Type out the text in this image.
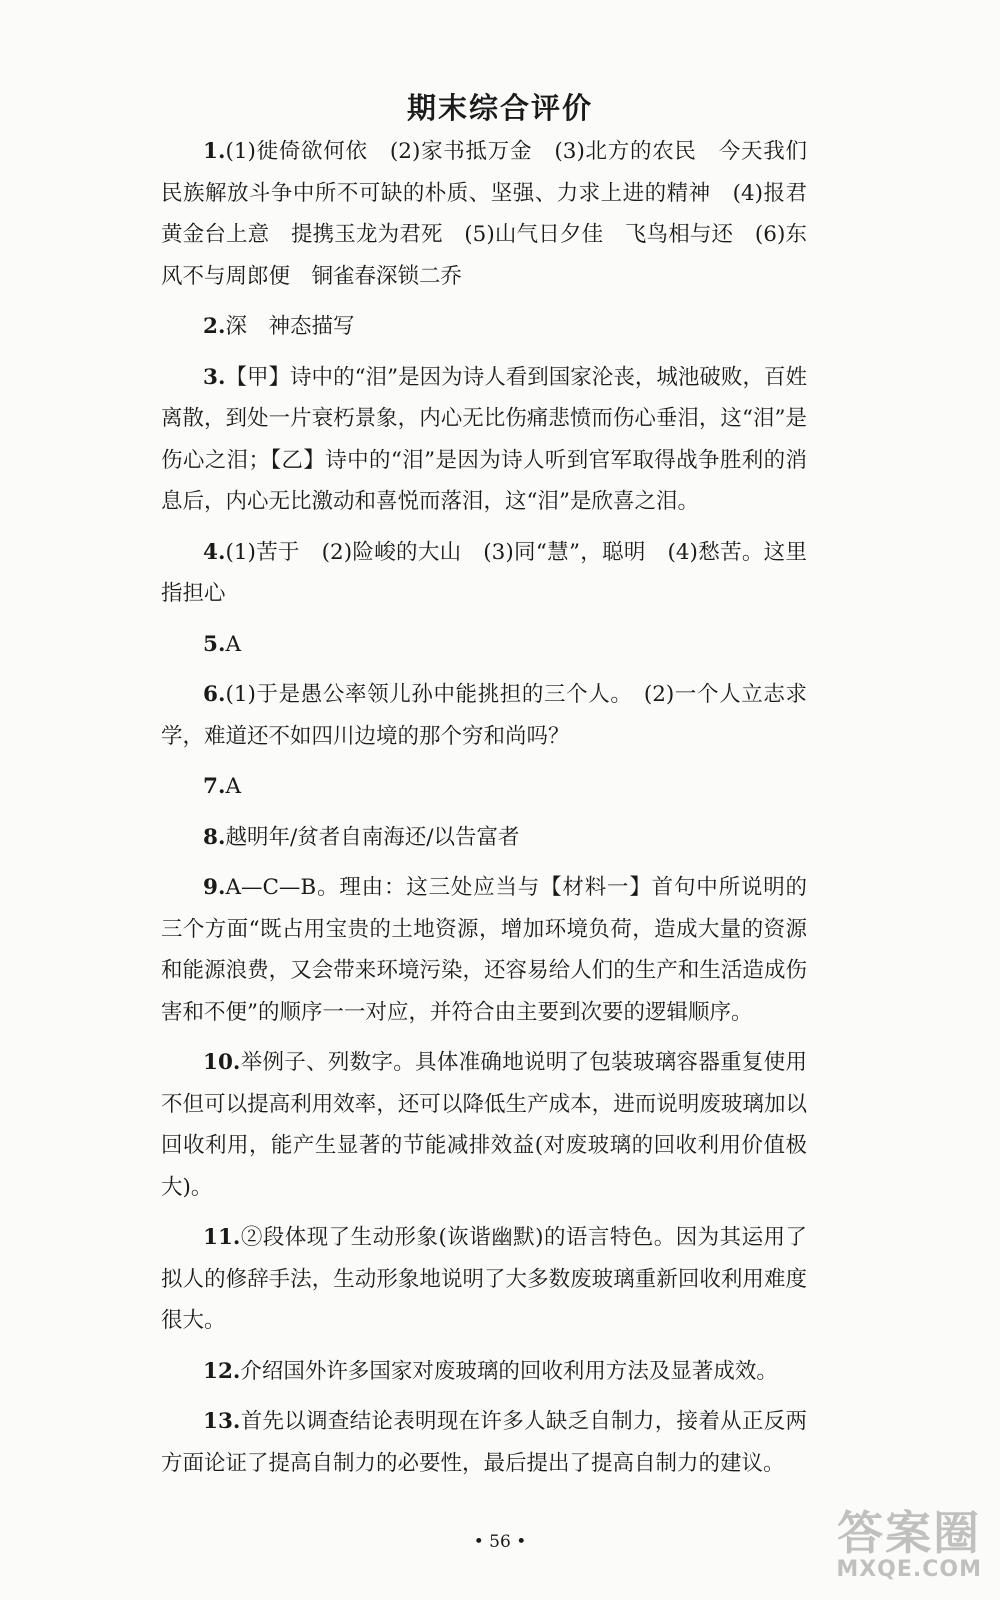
期末综合评价

1.(1)徙倚欲何依　(2)家书抵万金　(3)北方的农民　今天我们民族解放斗争中所不可缺的朴质、坚强、力求上进的精神　(4)报君黄金台上意　提携玉龙为君死　(5)山气日夕佳　飞鸟相与还　(6)东风不与周郎便　铜雀春深锁二乔

2.深　神态描写

3.【甲】诗中的“泪”是因为诗人看到国家沦丧，城池破败，百姓离散，到处一片衰朽景象，内心无比伤痛悲愤而伤心垂泪，这“泪”是伤心之泪；【乙】诗中的“泪”是因为诗人听到官军取得战争胜利的消息后，内心无比激动和喜悦而落泪，这“泪”是欣喜之泪。

4.(1)苦于　(2)险峻的大山　(3)同“慧”，聪明　(4)愁苦。这里指担心

5.A

6.(1)于是愚公率领儿孙中能挑担的三个人。　(2)一个人立志求学，难道还不如四川边境的那个穷和尚吗？

7.A

8.越明年/贫者自南海还/以告富者

9.A—C—B。理由：这三处应当与【材料一】首句中所说明的三个方面“既占用宝贵的土地资源，增加环境负荷，造成大量的资源和能源浪费，又会带来环境污染，还容易给人们的生产和生活造成伤害和不便”的顺序一一对应，并符合由主要到次要的逻辑顺序。

10.举例子、列数字。具体准确地说明了包装玻璃容器重复使用不但可以提高利用效率，还可以降低生产成本，进而说明废玻璃加以回收利用，能产生显著的节能减排效益(对废玻璃的回收利用价值极大)。

11.②段体现了生动形象(诙谐幽默)的语言特色。因为其运用了拟人的修辞手法，生动形象地说明了大多数废玻璃重新回收利用难度很大。

12.介绍国外许多国家对废玻璃的回收利用方法及显著成效。

13.首先以调查结论表明现在许多人缺乏自制力，接着从正反两方面论证了提高自制力的必要性，最后提出了提高自制力的建议。

• 56 •	答案圈
MXQE.COM
